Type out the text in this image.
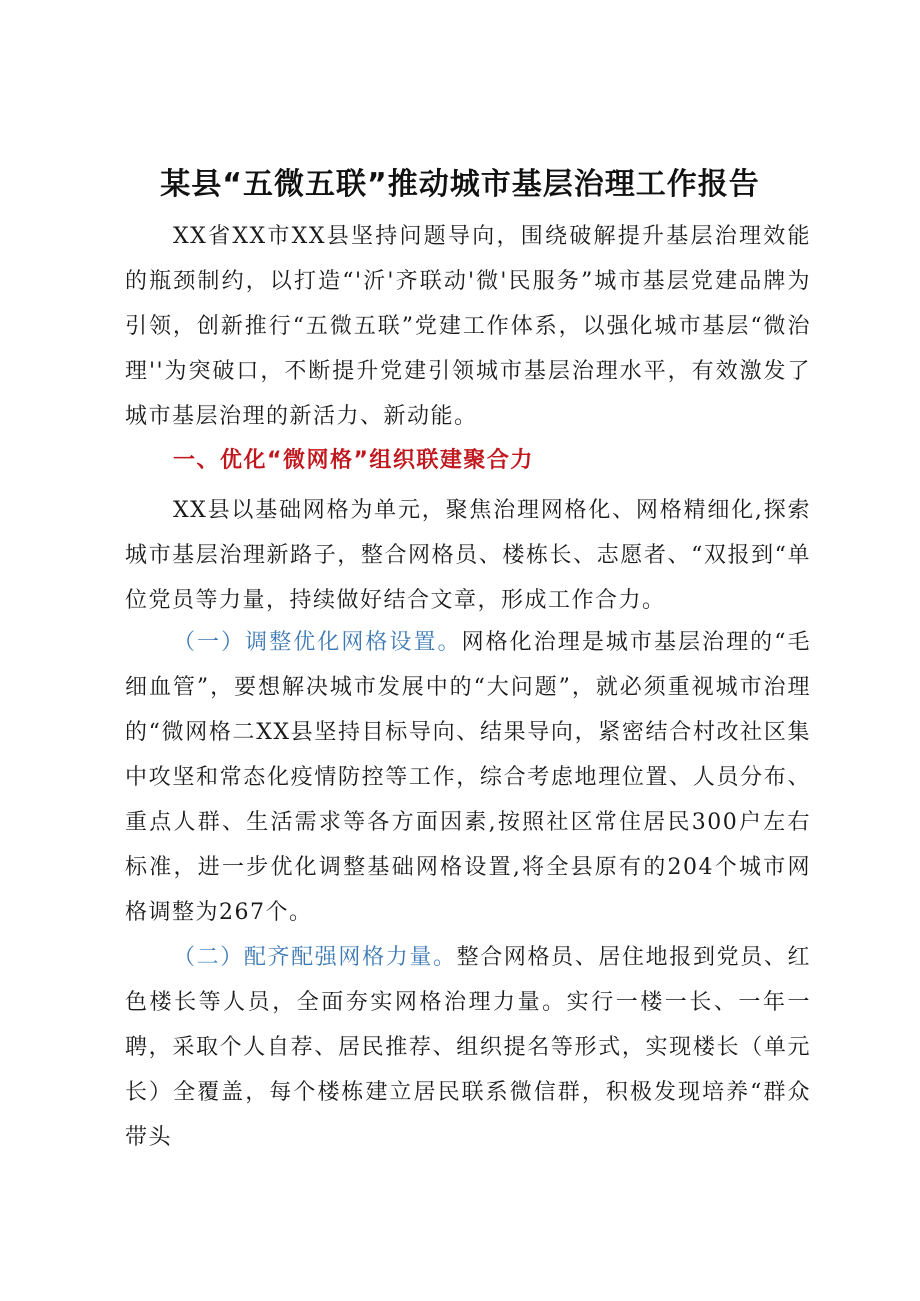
某县“五微五联”推动城市基层治理工作报告

XX省XX市XX县坚持问题导向，围绕破解提升基层治理效能的瓶颈制约，以打造“'沂'齐联动'微'民服务”城市基层党建品牌为引领，创新推行“五微五联”党建工作体系，以强化城市基层“微治理''为突破口，不断提升党建引领城市基层治理水平，有效激发了城市基层治理的新活力、新动能。

一、优化“微网格”组织联建聚合力

XX县以基础网格为单元，聚焦治理网格化、网格精细化,探索城市基层治理新路子，整合网格员、楼栋长、志愿者、“双报到“单位党员等力量，持续做好结合文章，形成工作合力。

（一）调整优化网格设置。网格化治理是城市基层治理的“毛细血管”，要想解决城市发展中的“大问题”，就必须重视城市治理的“微网格二XX县坚持目标导向、结果导向，紧密结合村改社区集中攻坚和常态化疫情防控等工作，综合考虑地理位置、人员分布、重点人群、生活需求等各方面因素,按照社区常住居民300户左右标准，进一步优化调整基础网格设置,将全县原有的204个城市网格调整为267个。

（二）配齐配强网格力量。整合网格员、居住地报到党员、红色楼长等人员，全面夯实网格治理力量。实行一楼一长、一年一聘，采取个人自荐、居民推荐、组织提名等形式，实现楼长（单元长）全覆盖，每个楼栋建立居民联系微信群，积极发现培养“群众带头
